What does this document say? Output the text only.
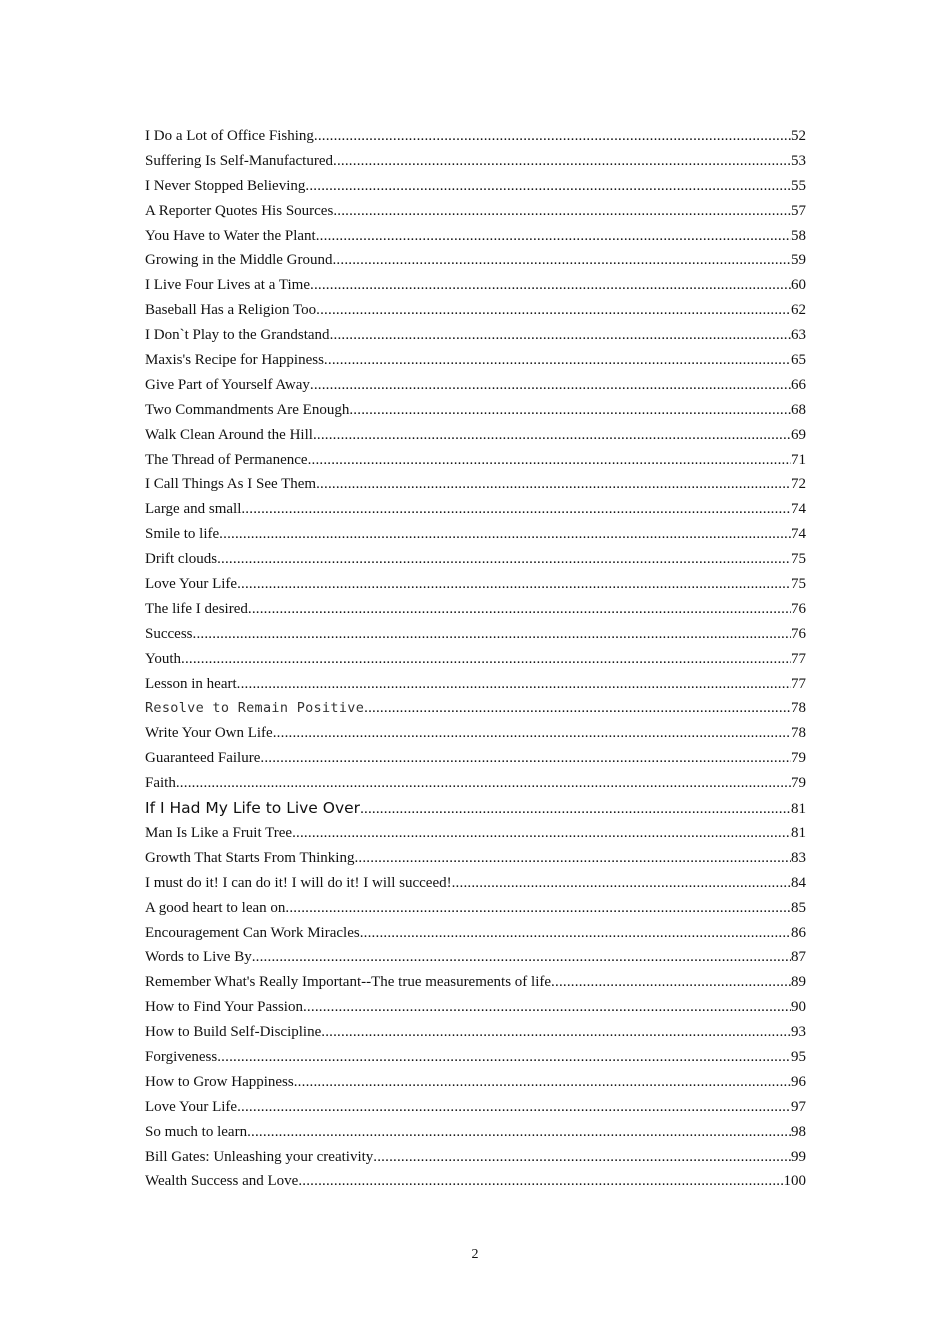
I Do a Lot of Office Fishing .....	52
Suffering Is Self-Manufactured .....	53
I Never Stopped Believing .....	55
A Reporter Quotes His Sources .....	57
You Have to Water the Plant .....	58
Growing in the Middle Ground .....	59
I Live Four Lives at a Time .....	60
Baseball Has a Religion Too .....	62
I Don`t Play to the Grandstand .....	63
Maxis's Recipe for Happiness .....	65
Give Part of Yourself Away .....	66
Two Commandments Are Enough .....	68
Walk Clean Around the Hill .....	69
The Thread of Permanence .....	71
I Call Things As I See Them .....	72
Large and small .....	74
Smile to life .....	74
Drift clouds .....	75
Love Your Life .....	75
The life I desired .....	76
Success .....	76
Youth .....	77
Lesson in heart .....	77
Resolve to Remain Positive .....	78
Write Your Own Life .....	78
Guaranteed Failure .....	79
Faith .....	79
If I Had My Life to Live Over .....	81
Man Is Like a Fruit Tree .....	81
Growth That Starts From Thinking .....	83
I must do it! I can do it! I will do it! I will succeed! .....	84
A good heart to lean on .....	85
Encouragement Can Work Miracles .....	86
Words to Live By .....	87
Remember What's Really Important--The true measurements of life .....	89
How to Find Your Passion .....	90
How to Build Self-Discipline .....	93
Forgiveness .....	95
How to Grow Happiness .....	96
Love Your Life .....	97
So much to learn .....	98
Bill Gates: Unleashing your creativity .....	99
Wealth Success and Love .....	100
2
